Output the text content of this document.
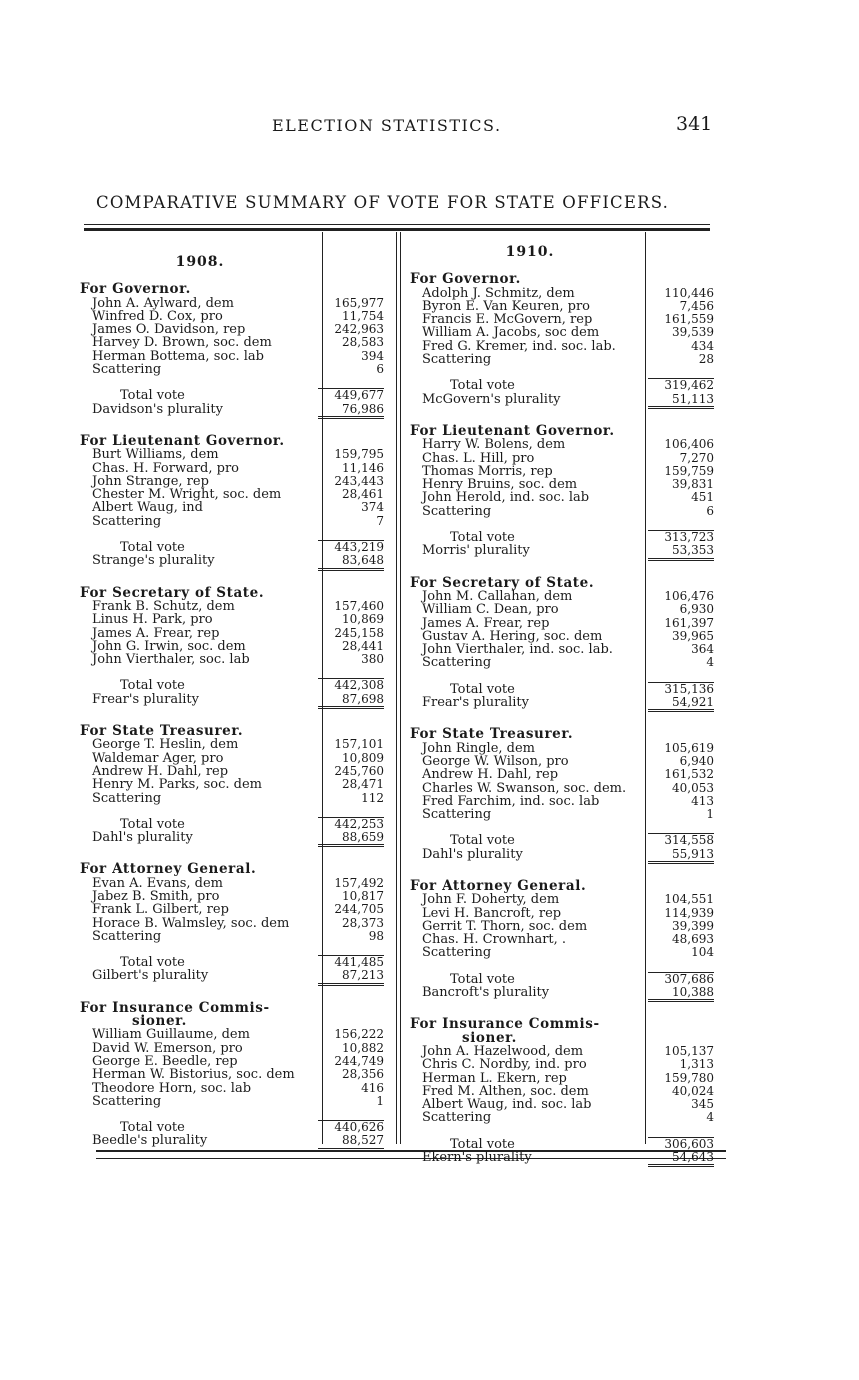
ELECTION STATISTICS.	341
COMPARATIVE SUMMARY OF VOTE FOR STATE OFFICERS.
1908.
For Governor.
John A. Aylward, dem	165,977
Winfred D. Cox, pro	11,754
James O. Davidson, rep	242,963
Harvey D. Brown, soc. dem	28,583
Herman Bottema, soc. lab	394
Scattering	6
Total vote	449,677
Davidson's plurality	76,986
For Lieutenant Governor.
Burt Williams, dem	159,795
Chas. H. Forward, pro	11,146
John Strange, rep	243,443
Chester M. Wright, soc. dem	28,461
Albert Waug, ind	374
Scattering	7
Total vote	443,219
Strange's plurality	83,648
For Secretary of State.
Frank B. Schutz, dem	157,460
Linus H. Park, pro	10,869
James A. Frear, rep	245,158
John G. Irwin, soc. dem	28,441
John Vierthaler, soc. lab	380
Total vote	442,308
Frear's plurality	87,698
For State Treasurer.
George T. Heslin, dem	157,101
Waldemar Ager, pro	10,809
Andrew H. Dahl, rep	245,760
Henry M. Parks, soc. dem	28,471
Scattering	112
Total vote	442,253
Dahl's plurality	88,659
For Attorney General.
Evan A. Evans, dem	157,492
Jabez B. Smith, pro	10,817
Frank L. Gilbert, rep	244,705
Horace B. Walmsley, soc. dem	28,373
Scattering	98
Total vote	441,485
Gilbert's plurality	87,213
For Insurance Commis-
sioner.
William Guillaume, dem	156,222
David W. Emerson, pro	10,882
George E. Beedle, rep	244,749
Herman W. Bistorius, soc. dem	28,356
Theodore Horn, soc. lab	416
Scattering	1
Total vote	440,626
Beedle's plurality	88,527
1910.
For Governor.
Adolph J. Schmitz, dem	110,446
Byron E. Van Keuren, pro	7,456
Francis E. McGovern, rep	161,559
William A. Jacobs, soc dem	39,539
Fred G. Kremer, ind. soc. lab.	434
Scattering	28
Total vote	319,462
McGovern's plurality	51,113
For Lieutenant Governor.
Harry W. Bolens, dem	106,406
Chas. L. Hill, pro	7,270
Thomas Morris, rep	159,759
Henry Bruins, soc. dem	39,831
John Herold, ind. soc. lab	451
Scattering	6
Total vote	313,723
Morris' plurality	53,353
For Secretary of State.
John M. Callahan, dem	106,476
William C. Dean, pro	6,930
James A. Frear, rep	161,397
Gustav A. Hering, soc. dem	39,965
John Vierthaler, ind. soc. lab.	364
Scattering	4
Total vote	315,136
Frear's plurality	54,921
For State Treasurer.
John Ringle, dem	105,619
George W. Wilson, pro	6,940
Andrew H. Dahl, rep	161,532
Charles W. Swanson, soc. dem.	40,053
Fred Farchim, ind. soc. lab	413
Scattering	1
Total vote	314,558
Dahl's plurality	55,913
For Attorney General.
John F. Doherty, dem	104,551
Levi H. Bancroft, rep	114,939
Gerrit T. Thorn, soc. dem	39,399
Chas. H. Crownhart, .	48,693
Scattering	104
Total vote	307,686
Bancroft's plurality	10,388
For Insurance Commis-
sioner.
John A. Hazelwood, dem	105,137
Chris C. Nordby, ind. pro	1,313
Herman L. Ekern, rep	159,780
Fred M. Althen, soc. dem	40,024
Albert Waug, ind. soc. lab	345
Scattering	4
Total vote	306,603
Ekern's plurality	54,643
